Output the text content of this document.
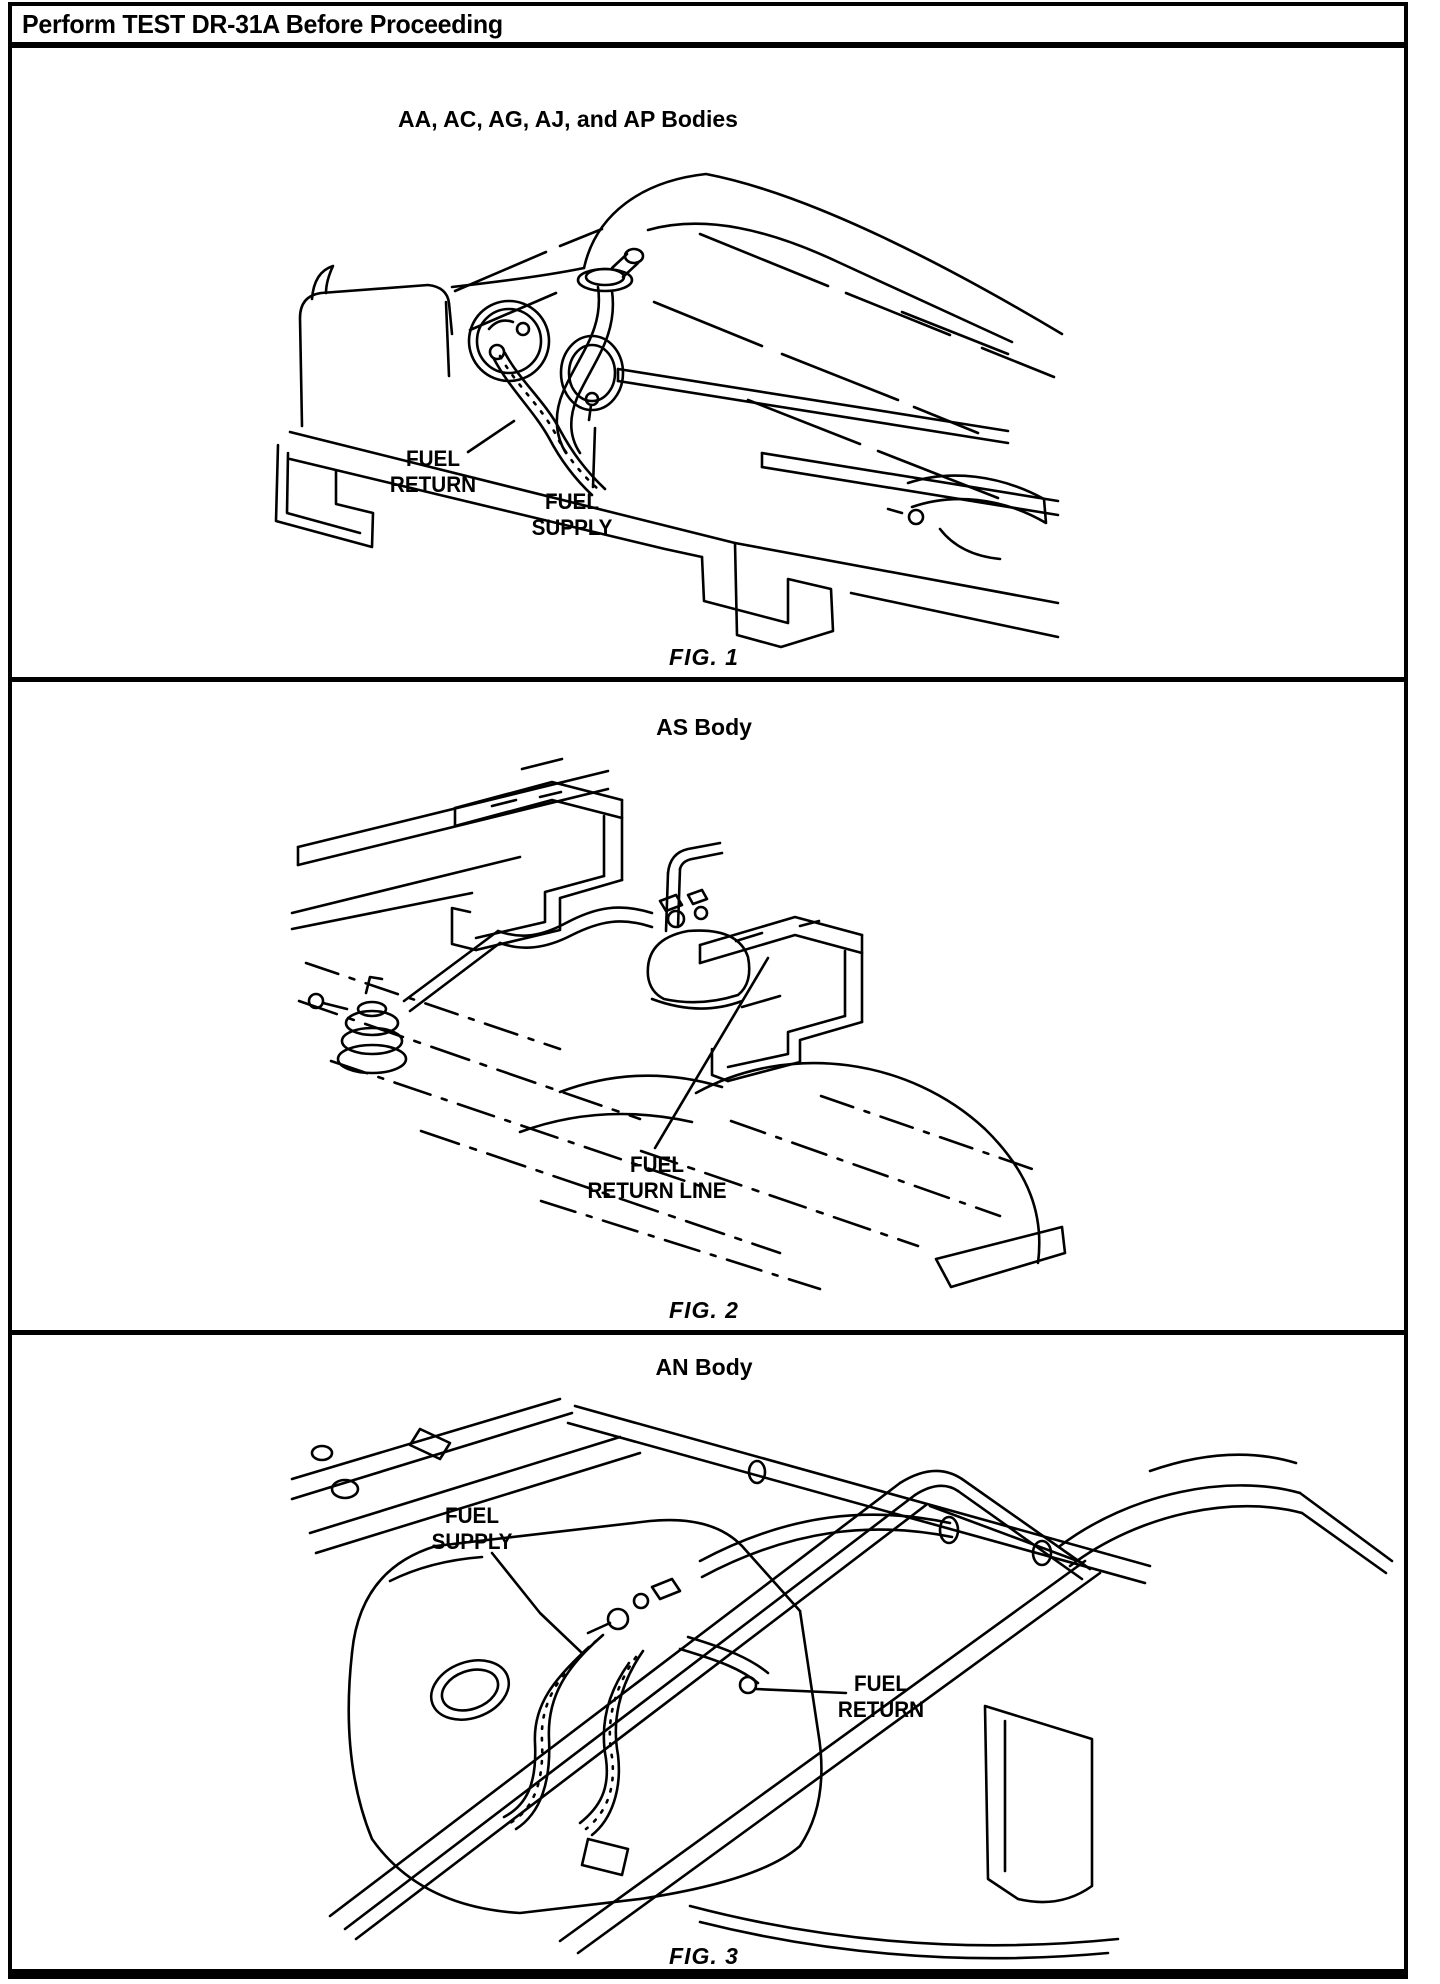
Perform TEST DR-31A Before Proceeding
AA, AC, AG, AJ, and AP Bodies
FUEL
RETURN
FUEL
SUPPLY
FIG. 1
AS Body
FUEL
RETURN LINE
FIG. 2
AN Body
FUEL
SUPPLY
FUEL
RETURN
FIG. 3
